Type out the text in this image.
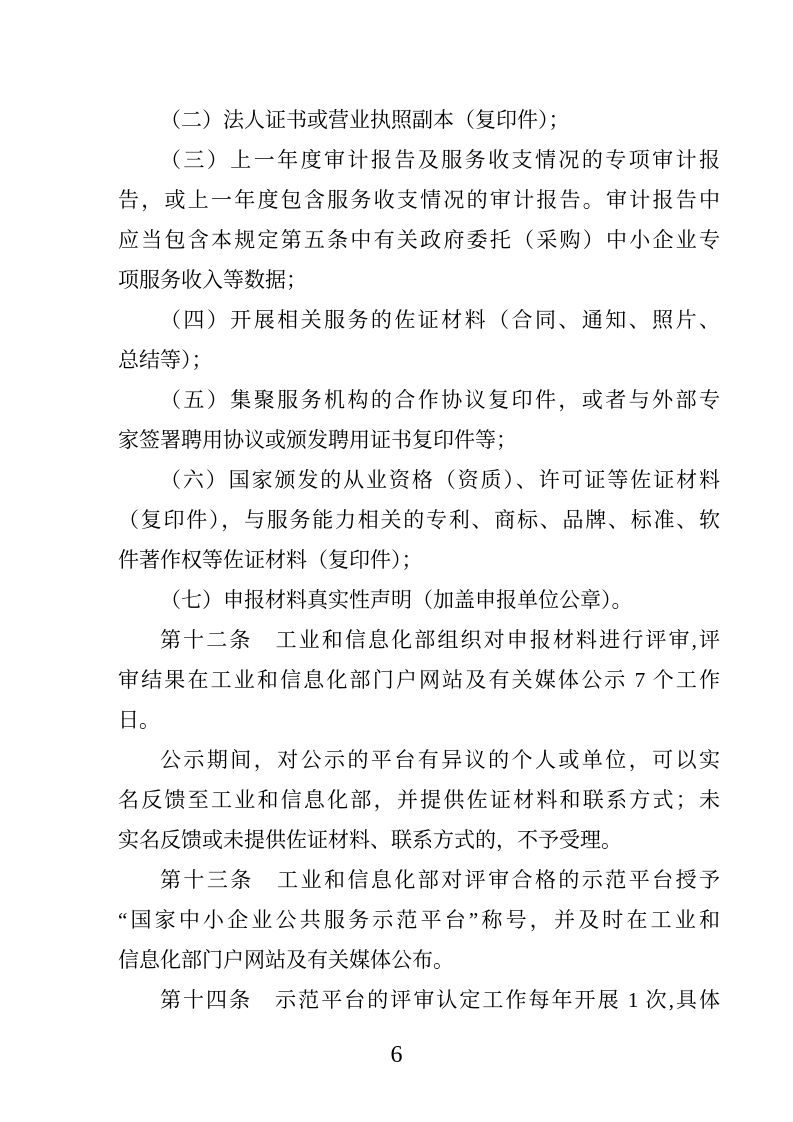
（二）法人证书或营业执照副本（复印件）；
（三）上一年度审计报告及服务收支情况的专项审计报
告，或上一年度包含服务收支情况的审计报告。审计报告中
应当包含本规定第五条中有关政府委托（采购）中小企业专
项服务收入等数据；
（四）开展相关服务的佐证材料（合同、通知、照片、
总结等）；
（五）集聚服务机构的合作协议复印件，或者与外部专
家签署聘用协议或颁发聘用证书复印件等；
（六）国家颁发的从业资格（资质）、许可证等佐证材料
（复印件），与服务能力相关的专利、商标、品牌、标准、软
件著作权等佐证材料（复印件）；
（七）申报材料真实性声明（加盖申报单位公章）。
第十二条　工业和信息化部组织对申报材料进行评审,评
审结果在工业和信息化部门户网站及有关媒体公示 7 个工作
日。
公示期间，对公示的平台有异议的个人或单位，可以实
名反馈至工业和信息化部，并提供佐证材料和联系方式；未
实名反馈或未提供佐证材料、联系方式的，不予受理。
第十三条　工业和信息化部对评审合格的示范平台授予
“国家中小企业公共服务示范平台”称号，并及时在工业和
信息化部门户网站及有关媒体公布。
第十四条　示范平台的评审认定工作每年开展 1 次,具体
6
